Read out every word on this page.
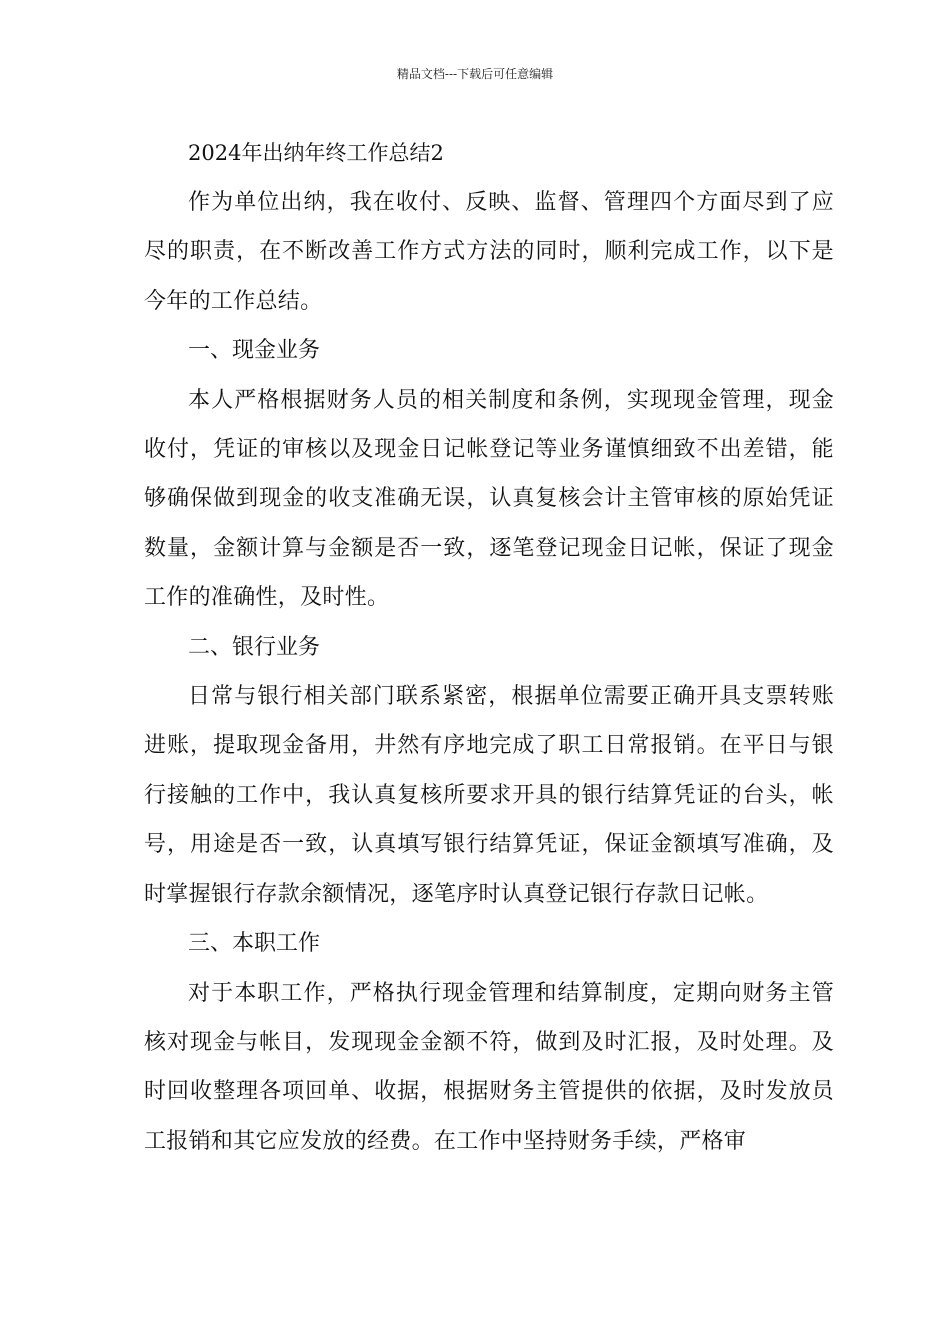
精品文档---下载后可任意编辑
2024年出纳年终工作总结2

作为单位出纳，我在收付、反映、监督、管理四个方面尽到了应尽的职责，在不断改善工作方式方法的同时，顺利完成工作，以下是今年的工作总结。

一、现金业务

本人严格根据财务人员的相关制度和条例，实现现金管理，现金收付，凭证的审核以及现金日记帐登记等业务谨慎细致不出差错，能够确保做到现金的收支准确无误，认真复核会计主管审核的原始凭证数量，金额计算与金额是否一致，逐笔登记现金日记帐，保证了现金工作的准确性，及时性。

二、银行业务

日常与银行相关部门联系紧密，根据单位需要正确开具支票转账进账，提取现金备用，井然有序地完成了职工日常报销。在平日与银行接触的工作中，我认真复核所要求开具的银行结算凭证的台头，帐号，用途是否一致，认真填写银行结算凭证，保证金额填写准确，及时掌握银行存款余额情况，逐笔序时认真登记银行存款日记帐。

三、本职工作

对于本职工作，严格执行现金管理和结算制度，定期向财务主管核对现金与帐目，发现现金金额不符，做到及时汇报，及时处理。及时回收整理各项回单、收据，根据财务主管提供的依据，及时发放员工报销和其它应发放的经费。在工作中坚持财务手续，严格审
